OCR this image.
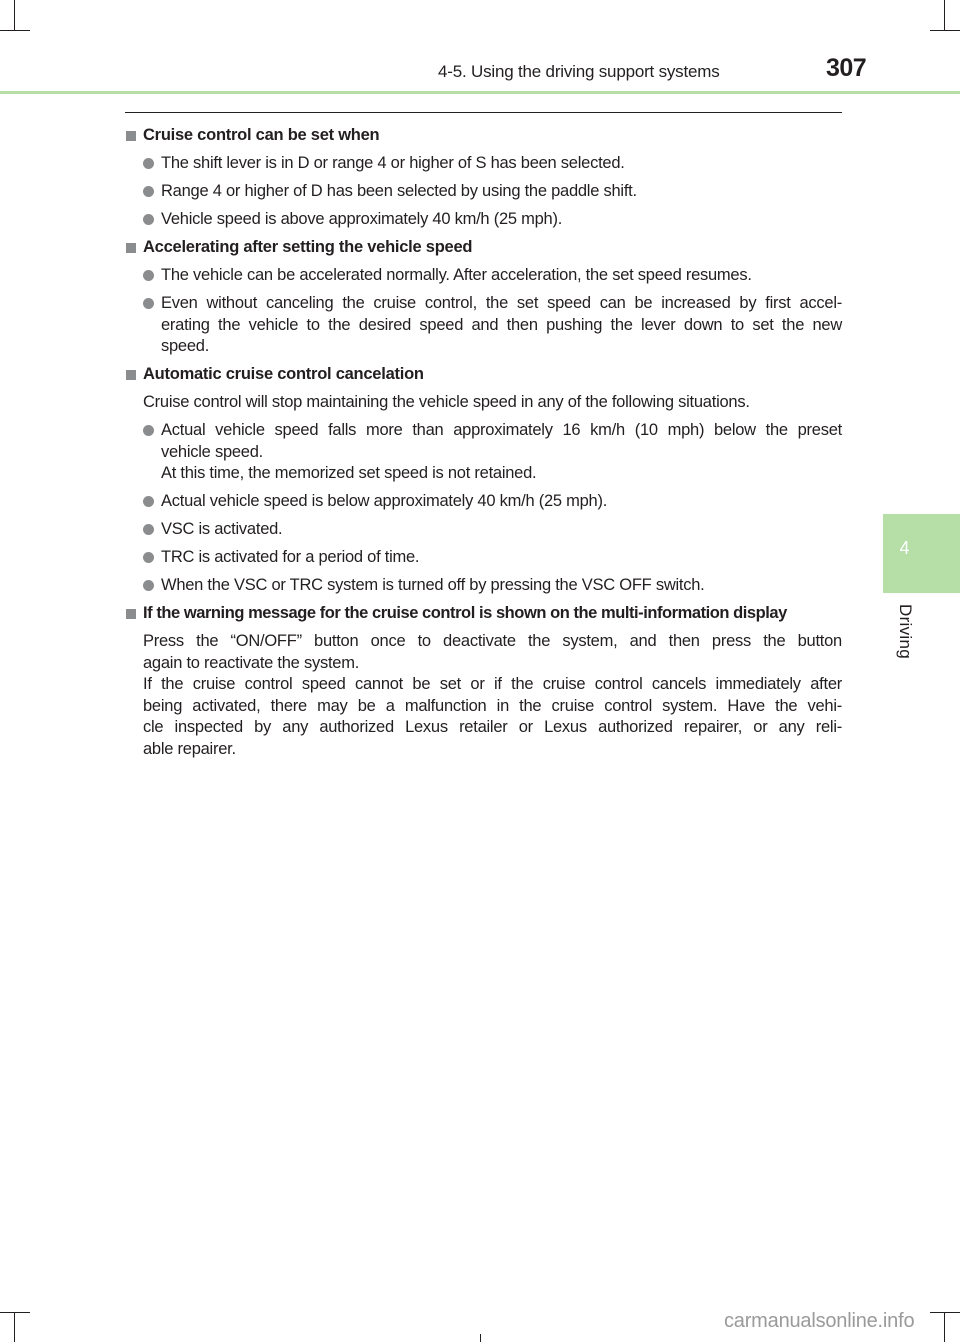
4-5. Using the driving support systems	307
4
Driving
Cruise control can be set when
The shift lever is in D or range 4 or higher of S has been selected.
Range 4 or higher of D has been selected by using the paddle shift.
Vehicle speed is above approximately 40 km/h (25 mph).
Accelerating after setting the vehicle speed
The vehicle can be accelerated normally. After acceleration, the set speed resumes.
Even without canceling the cruise control, the set speed can be increased by first accel-
erating the vehicle to the desired speed and then pushing the lever down to set the new
speed.
Automatic cruise control cancelation
Cruise control will stop maintaining the vehicle speed in any of the following situations.
Actual vehicle speed falls more than approximately 16 km/h (10 mph) below the preset
vehicle speed.
At this time, the memorized set speed is not retained.
Actual vehicle speed is below approximately 40 km/h (25 mph).
VSC is activated.
TRC is activated for a period of time.
When the VSC or TRC system is turned off by pressing the VSC OFF switch.
If the warning message for the cruise control is shown on the multi-information display
Press the “ON/OFF” button once to deactivate the system, and then press the button
again to reactivate the system.
If the cruise control speed cannot be set or if the cruise control cancels immediately after
being activated, there may be a malfunction in the cruise control system. Have the vehi-
cle inspected by any authorized Lexus retailer or Lexus authorized repairer, or any reli-
able repairer.
carmanualsonline.info
